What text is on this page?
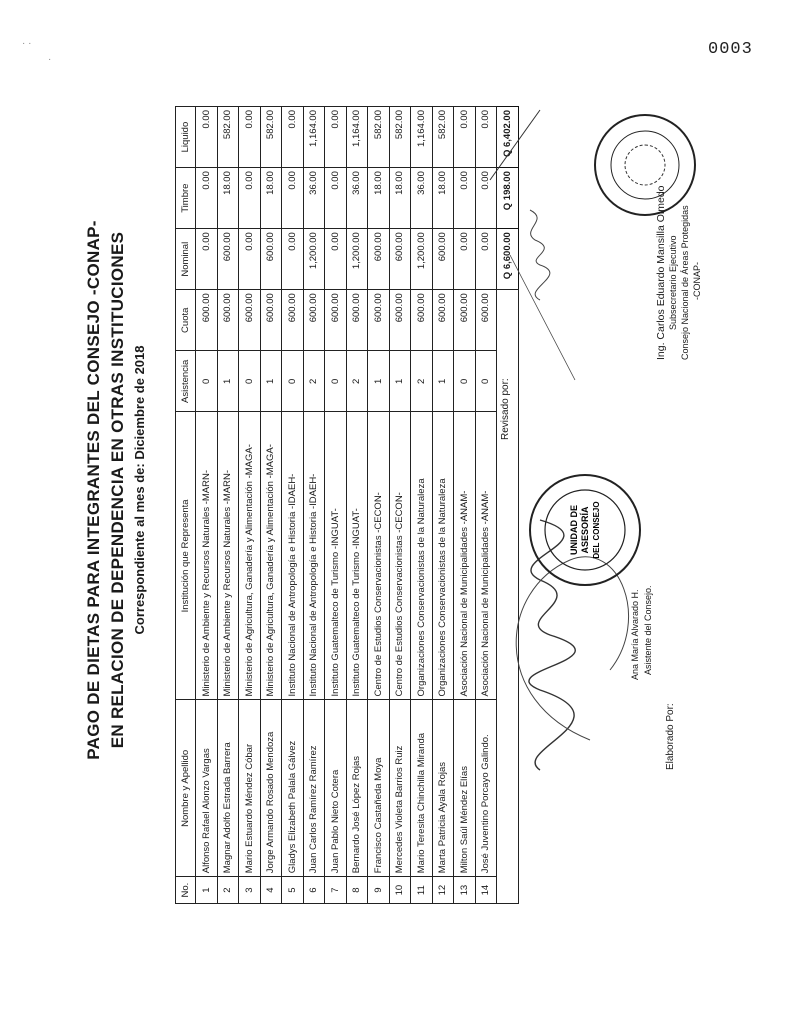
0003
· ·
·
PAGO DE DIETAS PARA INTEGRANTES DEL CONSEJO -CONAP- EN RELACION DE DEPENDENCIA EN OTRAS INSTITUCIONES Correspondiente al mes de: Diciembre de 2018
No.	Nombre y Apellido	Institución que Representa	Asistencia	Cuota	Nominal	Timbre	Liquido
1	Alfonso Rafael Alonzo Vargas	Ministerio de Ambiente y Recursos Naturales -MARN-	0	600.00	0.00	0.00	0.00
2	Magnar Adolfo Estrada Barrera	Ministerio de Ambiente y Recursos Naturales -MARN-	1	600.00	600.00	18.00	582.00
3	Mario Estuardo Méndez Cóbar	Ministerio de Agricultura, Ganadería y Alimentación -MAGA-	0	600.00	0.00	0.00	0.00
4	Jorge Armando Rosado Mendoza	Ministerio de Agricultura, Ganadería y Alimentación -MAGA-	1	600.00	600.00	18.00	582.00
5	Gladys Elizabeth Palala Gálvez	Instituto Nacional de Antropología e Historia -IDAEH-	0	600.00	0.00	0.00	0.00
6	Juan Carlos Ramírez Ramírez	Instituto Nacional de Antropología e Historia -IDAEH-	2	600.00	1,200.00	36.00	1,164.00
7	Juan Pablo Nieto Cotera	Instituto Guatemalteco de Turismo -INGUAT-	0	600.00	0.00	0.00	0.00
8	Bernardo José López Rojas	Instituto Guatemalteco de Turismo -INGUAT-	2	600.00	1,200.00	36.00	1,164.00
9	Francisco Castañeda Moya	Centro de Estudios Conservacionistas -CECON-	1	600.00	600.00	18.00	582.00
10	Mercedes Violeta Barrios Ruiz	Centro de Estudios Conservacionistas -CECON-	1	600.00	600.00	18.00	582.00
11	Mario Teresita Chinchilla Miranda	Organizaciones Conservacionistas de la Naturaleza	2	600.00	1,200.00	36.00	1,164.00
12	Marta Patricia Ayala Rojas	Organizaciones Conservacionistas de la Naturaleza	1	600.00	600.00	18.00	582.00
13	Milton Saúl Méndez Elías	Asociación Nacional de Municipalidades -ANAM-	0	600.00	0.00	0.00	0.00
14	José Juventino Porcayo Galindo.	Asociación Nacional de Municipalidades -ANAM-	0	600.00	0.00	0.00	0.00
					Q 6,600.00	Q 198.00	Q 6,402.00
UNIDAD DE ASESORÍA DEL CONSEJO
Elaborado Por:
Ana María Alvarado H. Asistente del Consejo.
Revisado por:
Ing. Carlos Eduardo Mansilla Olmedo Subsecretario Ejecutivo Consejo Nacional de Áreas Protegidas -CONAP-
